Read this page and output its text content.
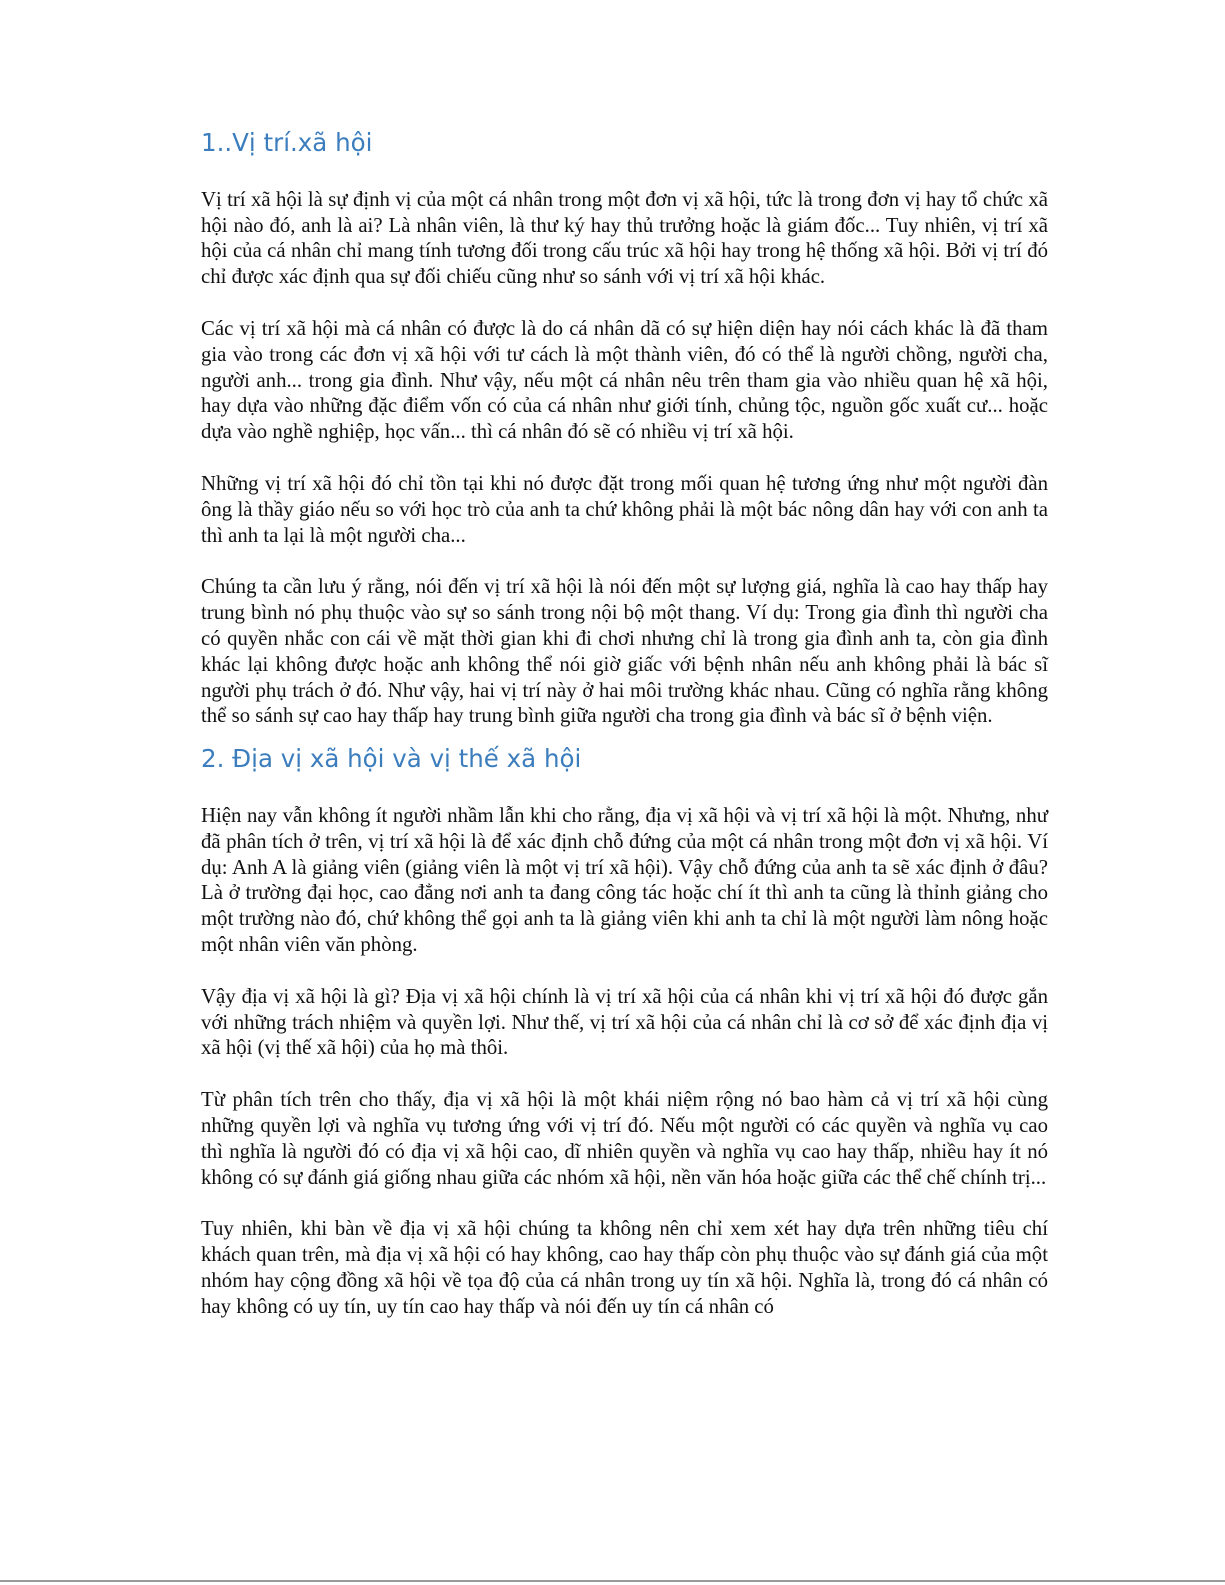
1..Vị trí.xã hội

Vị trí xã hội là sự định vị của một cá nhân trong một đơn vị xã hội, tức là trong đơn vị hay tổ chức xã hội nào đó, anh là ai? Là nhân viên, là thư ký hay thủ trưởng hoặc là giám đốc... Tuy nhiên, vị trí xã hội của cá nhân chỉ mang tính tương đối trong cấu trúc xã hội hay trong hệ thống xã hội. Bởi vị trí đó chỉ được xác định qua sự đối chiếu cũng như so sánh với vị trí xã hội khác.

Các vị trí xã hội mà cá nhân có được là do cá nhân dã có sự hiện diện hay nói cách khác là đã tham gia vào trong các đơn vị xã hội với tư cách là một thành viên, đó có thể là người chồng, người cha, người anh... trong gia đình. Như vậy, nếu một cá nhân nêu trên tham gia vào nhiều quan hệ xã hội, hay dựa vào những đặc điểm vốn có của cá nhân như giới tính, chủng tộc, nguồn gốc xuất cư... hoặc dựa vào nghề nghiệp, học vấn... thì cá nhân đó sẽ có nhiều vị trí xã hội.

Những vị trí xã hội đó chỉ tồn tại khi nó được đặt trong mối quan hệ tương ứng như một người đàn ông là thầy giáo nếu so với học trò của anh ta chứ không phải là một bác nông dân hay với con anh ta thì anh ta lại là một người cha...

Chúng ta cần lưu ý rằng, nói đến vị trí xã hội là nói đến một sự lượng giá, nghĩa là cao hay thấp hay trung bình nó phụ thuộc vào sự so sánh trong nội bộ một thang. Ví dụ: Trong gia đình thì người cha có quyền nhắc con cái về mặt thời gian khi đi chơi nhưng chỉ là trong gia đình anh ta, còn gia đình khác lại không được hoặc anh không thể nói giờ giấc với bệnh nhân nếu anh không phải là bác sĩ người phụ trách ở đó. Như vậy, hai vị trí này ở hai môi trường khác nhau. Cũng có nghĩa rằng không thể so sánh sự cao hay thấp hay trung bình giữa người cha trong gia đình và bác sĩ ở bệnh viện.

2. Địa vị xã hội và vị thế xã hội

Hiện nay vẫn không ít người nhầm lẫn khi cho rằng, địa vị xã hội và vị trí xã hội là một. Nhưng, như đã phân tích ở trên, vị trí xã hội là để xác định chỗ đứng của một cá nhân trong một đơn vị xã hội. Ví dụ: Anh A là giảng viên (giảng viên là một vị trí xã hội). Vậy chỗ đứng của anh ta sẽ xác định ở đâu? Là ở trường đại học, cao đẳng nơi anh ta đang công tác hoặc chí ít thì anh ta cũng là thỉnh giảng cho một trường nào đó, chứ không thể gọi anh ta là giảng viên khi anh ta chỉ là một người làm nông hoặc một nhân viên văn phòng.

Vậy địa vị xã hội là gì? Địa vị xã hội chính là vị trí xã hội của cá nhân khi vị trí xã hội đó được gắn với những trách nhiệm và quyền lợi. Như thế, vị trí xã hội của cá nhân chỉ là cơ sở để xác định địa vị xã hội (vị thế xã hội) của họ mà thôi.

Từ phân tích trên cho thấy, địa vị xã hội là một khái niệm rộng nó bao hàm cả vị trí xã hội cùng những quyền lợi và nghĩa vụ tương ứng với vị trí đó. Nếu một người có các quyền và nghĩa vụ cao thì nghĩa là người đó có địa vị xã hội cao, dĩ nhiên quyền và nghĩa vụ cao hay thấp, nhiều hay ít nó không có sự đánh giá giống nhau giữa các nhóm xã hội, nền văn hóa hoặc giữa các thể chế chính trị...

Tuy nhiên, khi bàn về địa vị xã hội chúng ta không nên chỉ xem xét hay dựa trên những tiêu chí khách quan trên, mà địa vị xã hội có hay không, cao hay thấp còn phụ thuộc vào sự đánh giá của một nhóm hay cộng đồng xã hội về tọa độ của cá nhân trong uy tín xã hội. Nghĩa là, trong đó cá nhân có hay không có uy tín, uy tín cao hay thấp và nói đến uy tín cá nhân có
